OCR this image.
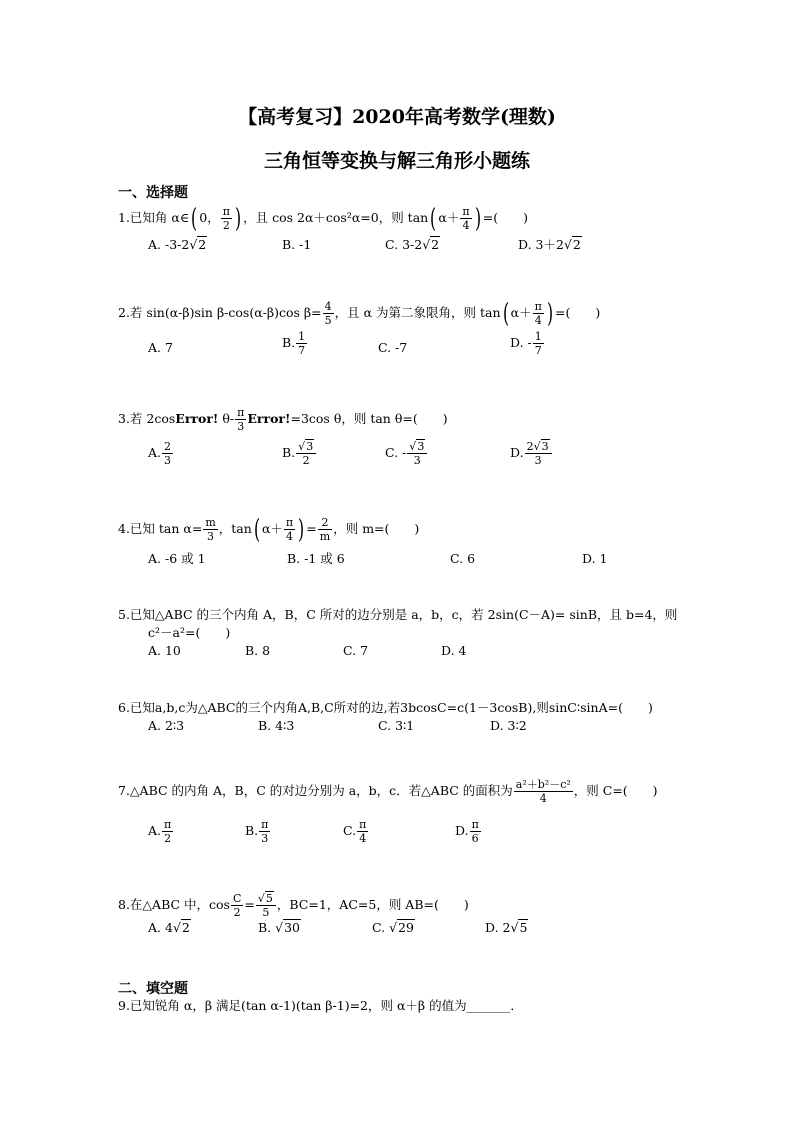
【高考复习】2020年高考数学(理数)
三角恒等变换与解三角形小题练
一、选择题
1.已知角 α∈( 0， $\frac{\pi}{2}$ ) ，且 cos 2α＋cos²α=0，则 tan( $\alpha+ \frac{\pi}{4}$ ) =(　　)
A. -3-2√2	B. -1	C. 3-2√2	D. 3＋2√2
2.若 sin(α-β)sin β-cos(α-β)cos $\beta= \frac{4}{5}$ ，且 α 为第二象限角，则 tan( $\alpha+ \frac{\pi}{4}$ ) =(　　)
A. 7	B. $\frac{1}{7}$	C. -7	D. - $\frac{1}{7}$
3.若 2cosError! $\theta- \frac{\pi}{3}$ Error!=3cos θ，则 tan θ=(　　)
A. $\frac{2}{3}$	B. $\frac{√3}{2}$	C. - $\frac{√3}{3}$	D. $\frac{2√3}{3}$
4.已知 $\tan \alpha= \frac{m}{3}$ ，tan( $\alpha+ \frac{\pi}{4}$ ) = $\frac{2}{m}$ ，则 m=(　　)
A. -6 或 1	B. -1 或 6	C. 6	D. 1
5.已知△ABC 的三个内角 A，B，C 所对的边分别是 a，b，c，若 2sin(C－A)= sinB，且 b=4，则
c²－a²=(　　)
A. 10	B. 8	C. 7	D. 4
6.已知a,b,c为△ABC的三个内角A,B,C所对的边,若3bcosC=c(1－3cosB),则sinC∶sinA=(　　)
A. 2∶3	B. 4∶3	C. 3∶1	D. 3∶2
7.△ABC 的内角 A，B，C 的对边分别为 a，b，c．若△ABC 的面积为 $\frac{\text{a²＋b²－c²}}{4}$ ，则 C=(　　)
A. $\frac{\pi}{2}$	B. $\frac{\pi}{3}$	C. $\frac{\pi}{4}$	D. $\frac{\pi}{6}$
8.在△ABC 中，$\cos \frac{C}{2} = \frac{√5}{5}$ ，BC=1，AC=5，则 AB=(　　)
A. 4√2	B. √30	C. √29	D. 2√5
二、填空题
9.已知锐角 α，β 满足(tan α-1)(tan β-1)=2，则 α＋β 的值为_______．
